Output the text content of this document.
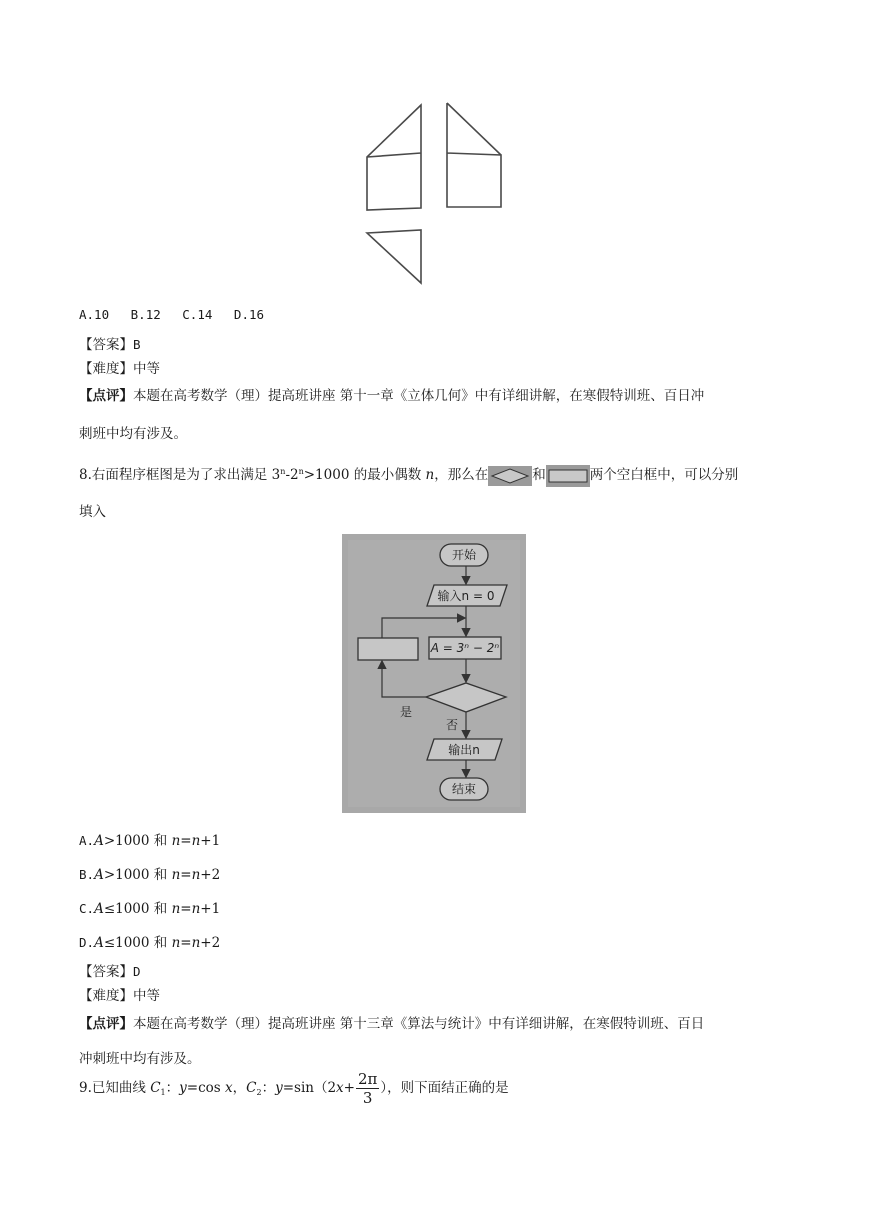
A.10 B.12 C.14 D.16
【答案】B
【难度】中等
【点评】本题在高考数学（理）提高班讲座 第十一章《立体几何》中有详细讲解，在寒假特训班、百日冲
刺班中均有涉及。
8.右面程序框图是为了求出满足 $3^n-2^n>1000$ 的最小偶数 n，那么在	和	两个空白框中，可以分别
填入
开始
输入n = 0
A = 3ⁿ − 2ⁿ
是
否
输出n
结束
A.A>1000 和 n=n+1
B.A>1000 和 n=n+2
C.A≤1000 和 n=n+1
D.A≤1000 和 n=n+2
【答案】D
【难度】中等
【点评】本题在高考数学（理）提高班讲座 第十三章《算法与统计》中有详细讲解，在寒假特训班、百日
冲刺班中均有涉及。
9.已知曲线 $C_1$：y=cos x，$C_2$：$y=\sin(2x+ \frac{2\pi}{3}$ ），则下面结正确的是
